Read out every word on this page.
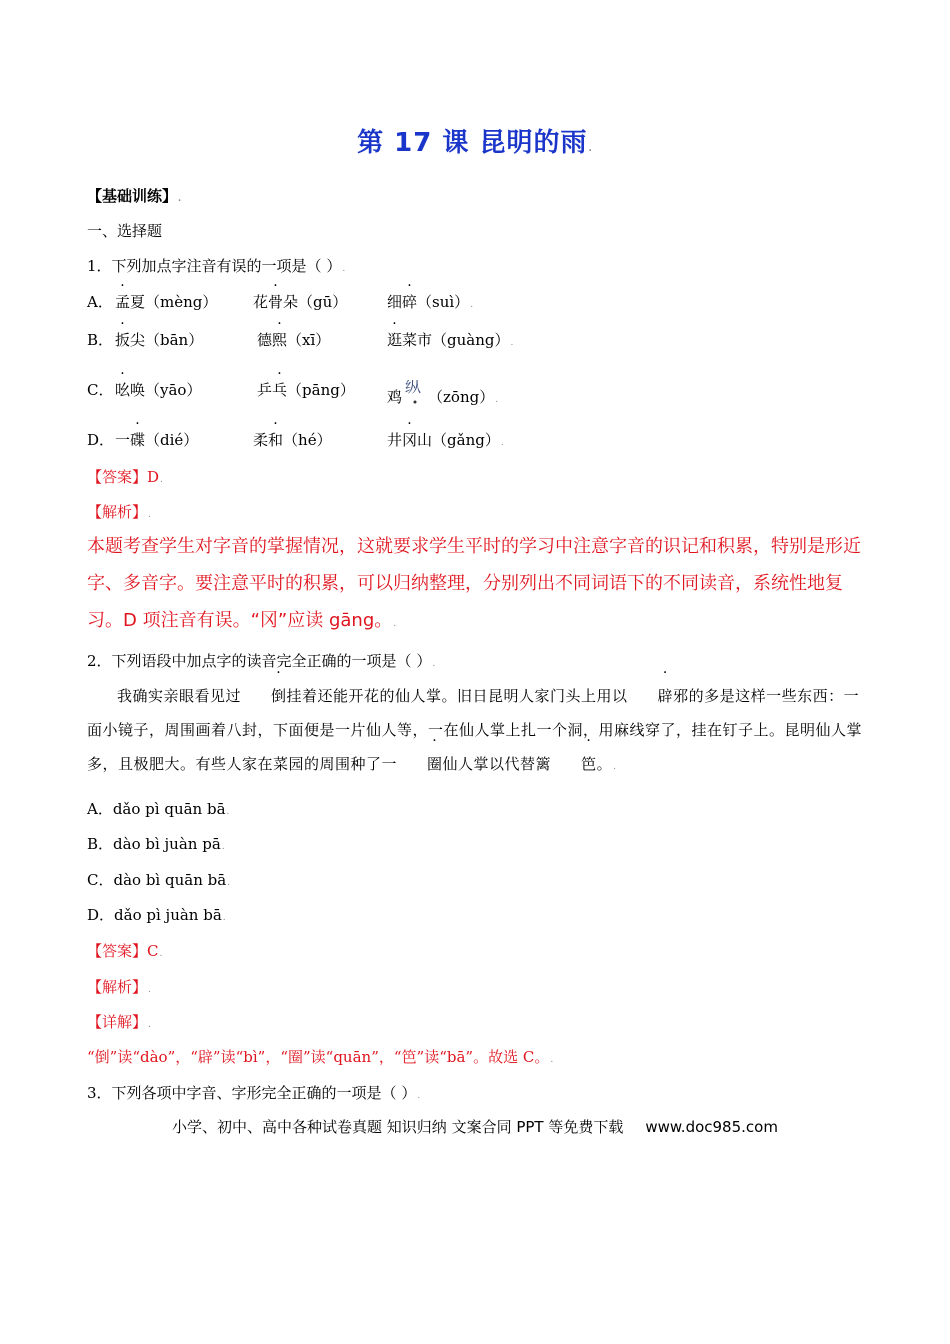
第 17 课 昆明的雨.
【基础训练】.
一、选择题
1．下列加点字注音有误的一项是（ ）.
A． 孟夏（mèng） 花骨朵（gū）	细碎（suì）.
B． 扳尖（bān）	德熙（xī）	逛菜市（guàng）.
C． 吆唤（yāo）	乒乓（pāng） 鸡
纵
（zōng）.
D． 一碟（dié）	柔和（hé）	井冈山（gǎng）.
【答案】D.
【解析】.
本题考查学生对字音的掌握情况，这就要求学生平时的学习中注意字音的识记和积累，特别是形近字、多音字。要注意平时的积累，可以归纳整理，分别列出不同词语下的不同读音，系统性地复习。D 项注音有误。“冈”应读 gāng。.
2．下列语段中加点字的读音完全正确的一项是（ ）.
我确实亲眼看见过 倒挂着还能开花的仙人掌。旧日昆明人家门头上用以 辟邪的多是这样一些东西：一面小镜子，周围画着八封，下面便是一片仙人等，一在仙人掌上扎一个洞，用麻线穿了，挂在钉子上。昆明仙人掌多，且极肥大。有些人家在菜园的周围种了一 圈仙人掌以代替篱 笆。.
A．dǎo pì quān bā.
B．dào bì juàn pā.
C．dào bì quān bā.
D．dǎo pì juàn bā.
【答案】C.
【解析】.
【详解】.
“倒”读“dào”，“辟”读“bì”，“圈”读“quān”，“笆”读“bā”。故选 C。.
3．下列各项中字音、字形完全正确的一项是（ ）.
小学、初中、高中各种试卷真题 知识归纳 文案合同 PPT 等免费下载 www.doc985.com
